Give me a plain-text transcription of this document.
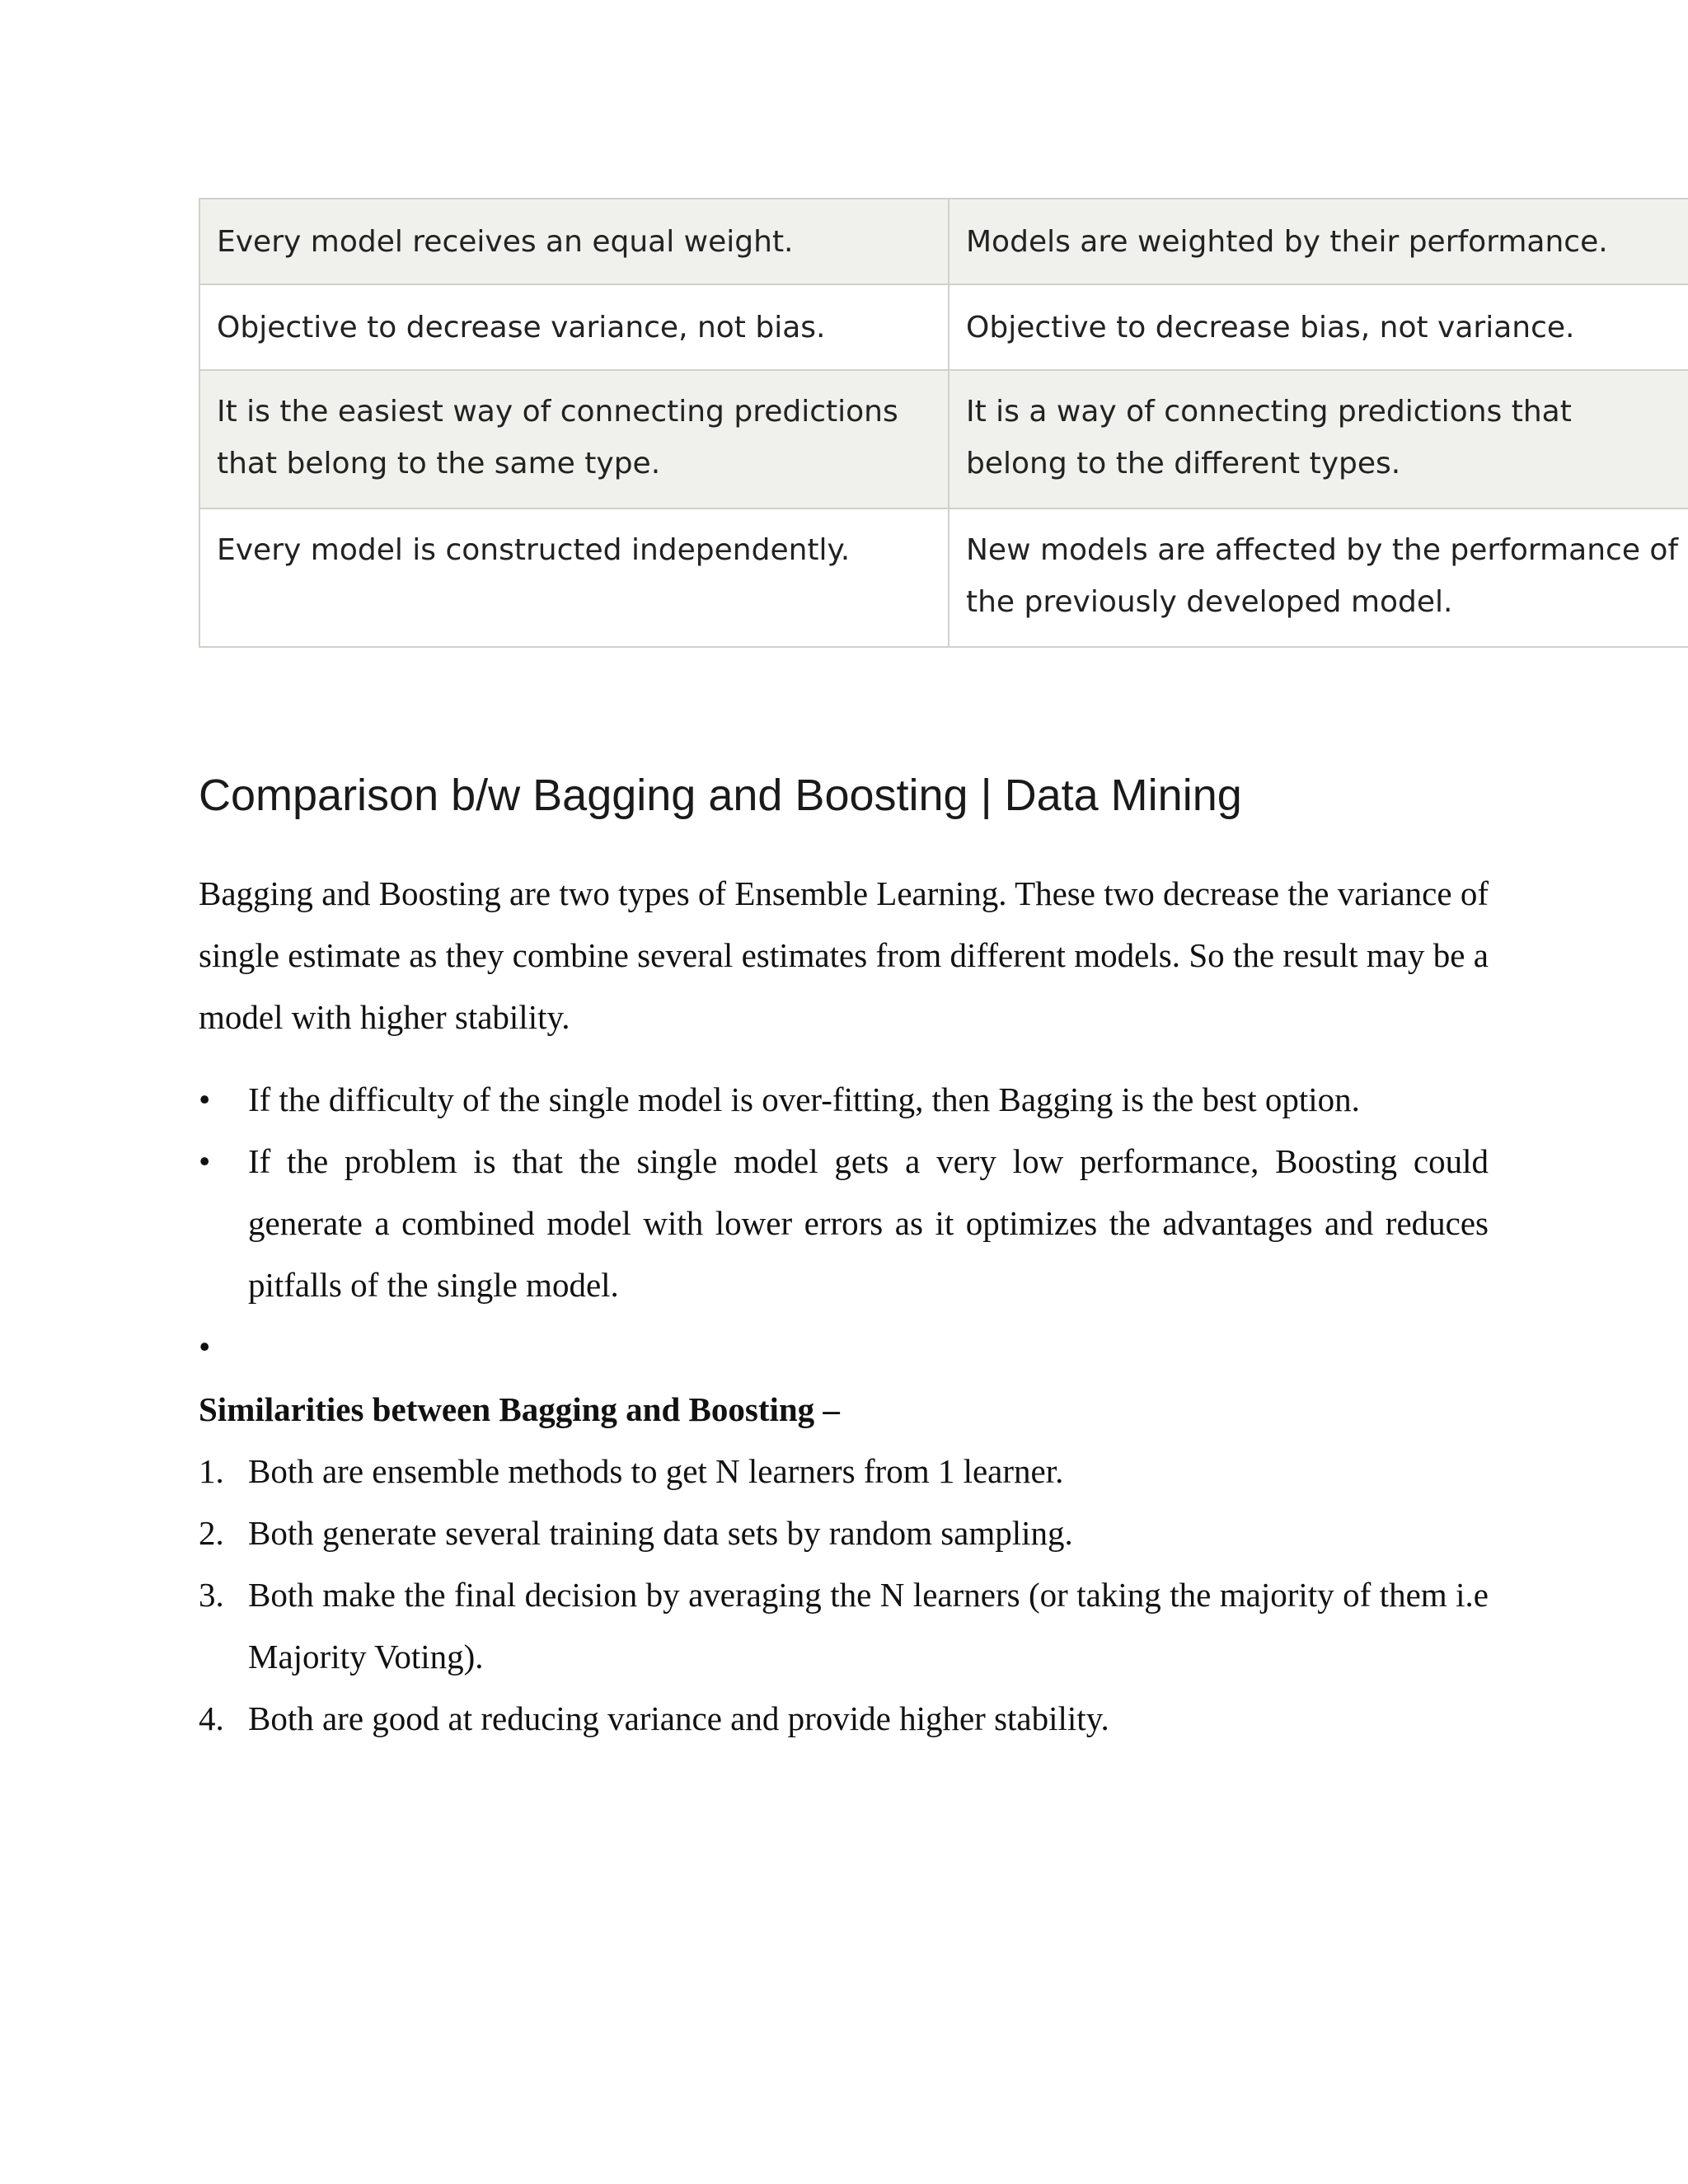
Every model receives an equal weight.	Models are weighted by their performance.
Objective to decrease variance, not bias.	Objective to decrease bias, not variance.
It is the easiest way of connecting predictions that belong to the same type.	It is a way of connecting predictions that belong to the different types.
Every model is constructed independently.	New models are affected by the performance of the previously developed model.
Comparison b/w Bagging and Boosting | Data Mining

Bagging and Boosting are two types of Ensemble Learning. These two decrease the variance of single estimate as they combine several estimates from different models. So the result may be a model with higher stability.

• If the difficulty of the single model is over-fitting, then Bagging is the best option.
• If the problem is that the single model gets a very low performance, Boosting could generate a combined model with lower errors as it optimizes the advantages and reduces pitfalls of the single model.
•

Similarities between Bagging and Boosting –

1. Both are ensemble methods to get N learners from 1 learner.
2. Both generate several training data sets by random sampling.
3. Both make the final decision by averaging the N learners (or taking the majority of them i.e Majority Voting).
4. Both are good at reducing variance and provide higher stability.
